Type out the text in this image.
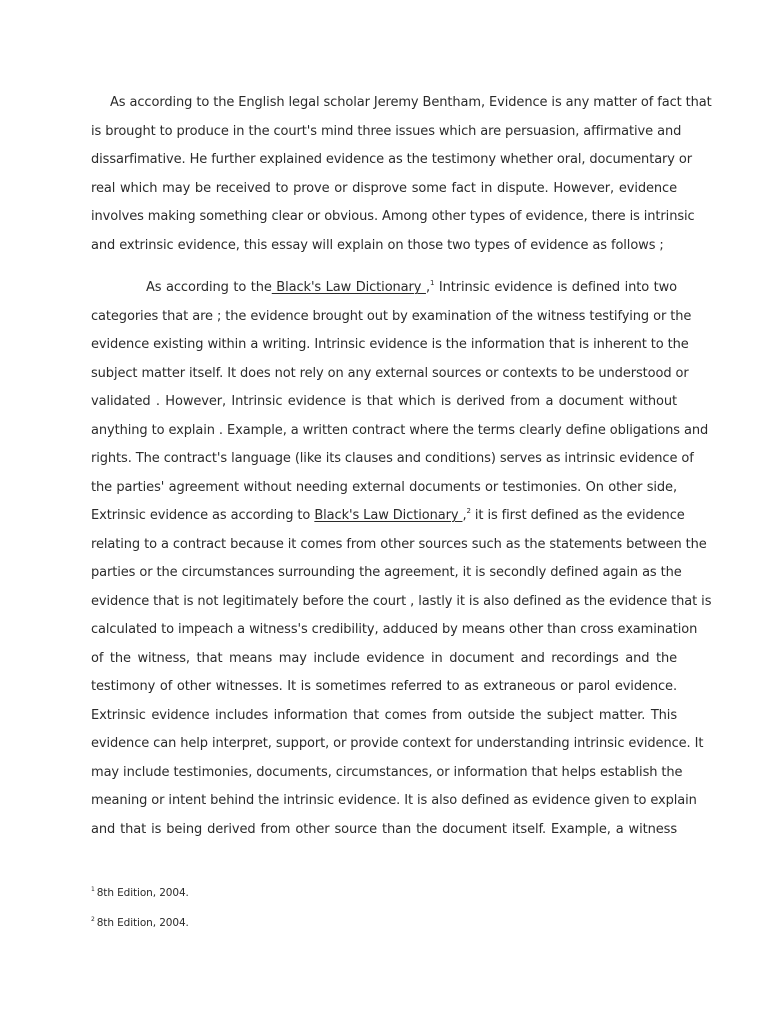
As according to the English legal scholar Jeremy Bentham, Evidence is any matter of fact that
is brought to produce in the court's mind three issues which are persuasion, affirmative and
dissarfimative. He further explained evidence as the testimony whether oral, documentary or
real which may be received to prove or disprove some fact in dispute. However, evidence
involves making something clear or obvious. Among other types of evidence, there is intrinsic
and extrinsic evidence, this essay will explain on those two types of evidence as follows ;
As according to the Black's Law Dictionary ,$^1$ Intrinsic evidence is defined into two
categories that are ; the evidence brought out by examination of the witness testifying or the
evidence existing within a writing. Intrinsic evidence is the information that is inherent to the
subject matter itself. It does not rely on any external sources or contexts to be understood or
validated . However, Intrinsic evidence is that which is derived from a document without
anything to explain . Example, a written contract where the terms clearly define obligations and
rights. The contract's language (like its clauses and conditions) serves as intrinsic evidence of
the parties' agreement without needing external documents or testimonies. On other side,
Extrinsic evidence as according to Black's Law Dictionary ,$^2$ it is first defined as the evidence
relating to a contract because it comes from other sources such as the statements between the
parties or the circumstances surrounding the agreement, it is secondly defined again as the
evidence that is not legitimately before the court , lastly it is also defined as the evidence that is
calculated to impeach a witness's credibility, adduced by means other than cross examination
of the witness, that means may include evidence in document and recordings and the
testimony of other witnesses. It is sometimes referred to as extraneous or parol evidence.
Extrinsic evidence includes information that comes from outside the subject matter. This
evidence can help interpret, support, or provide context for understanding intrinsic evidence. It
may include testimonies, documents, circumstances, or information that helps establish the
meaning or intent behind the intrinsic evidence. It is also defined as evidence given to explain
and that is being derived from other source than the document itself. Example, a witness
$^1$ 8th Edition, 2004.
$^2$ 8th Edition, 2004.
